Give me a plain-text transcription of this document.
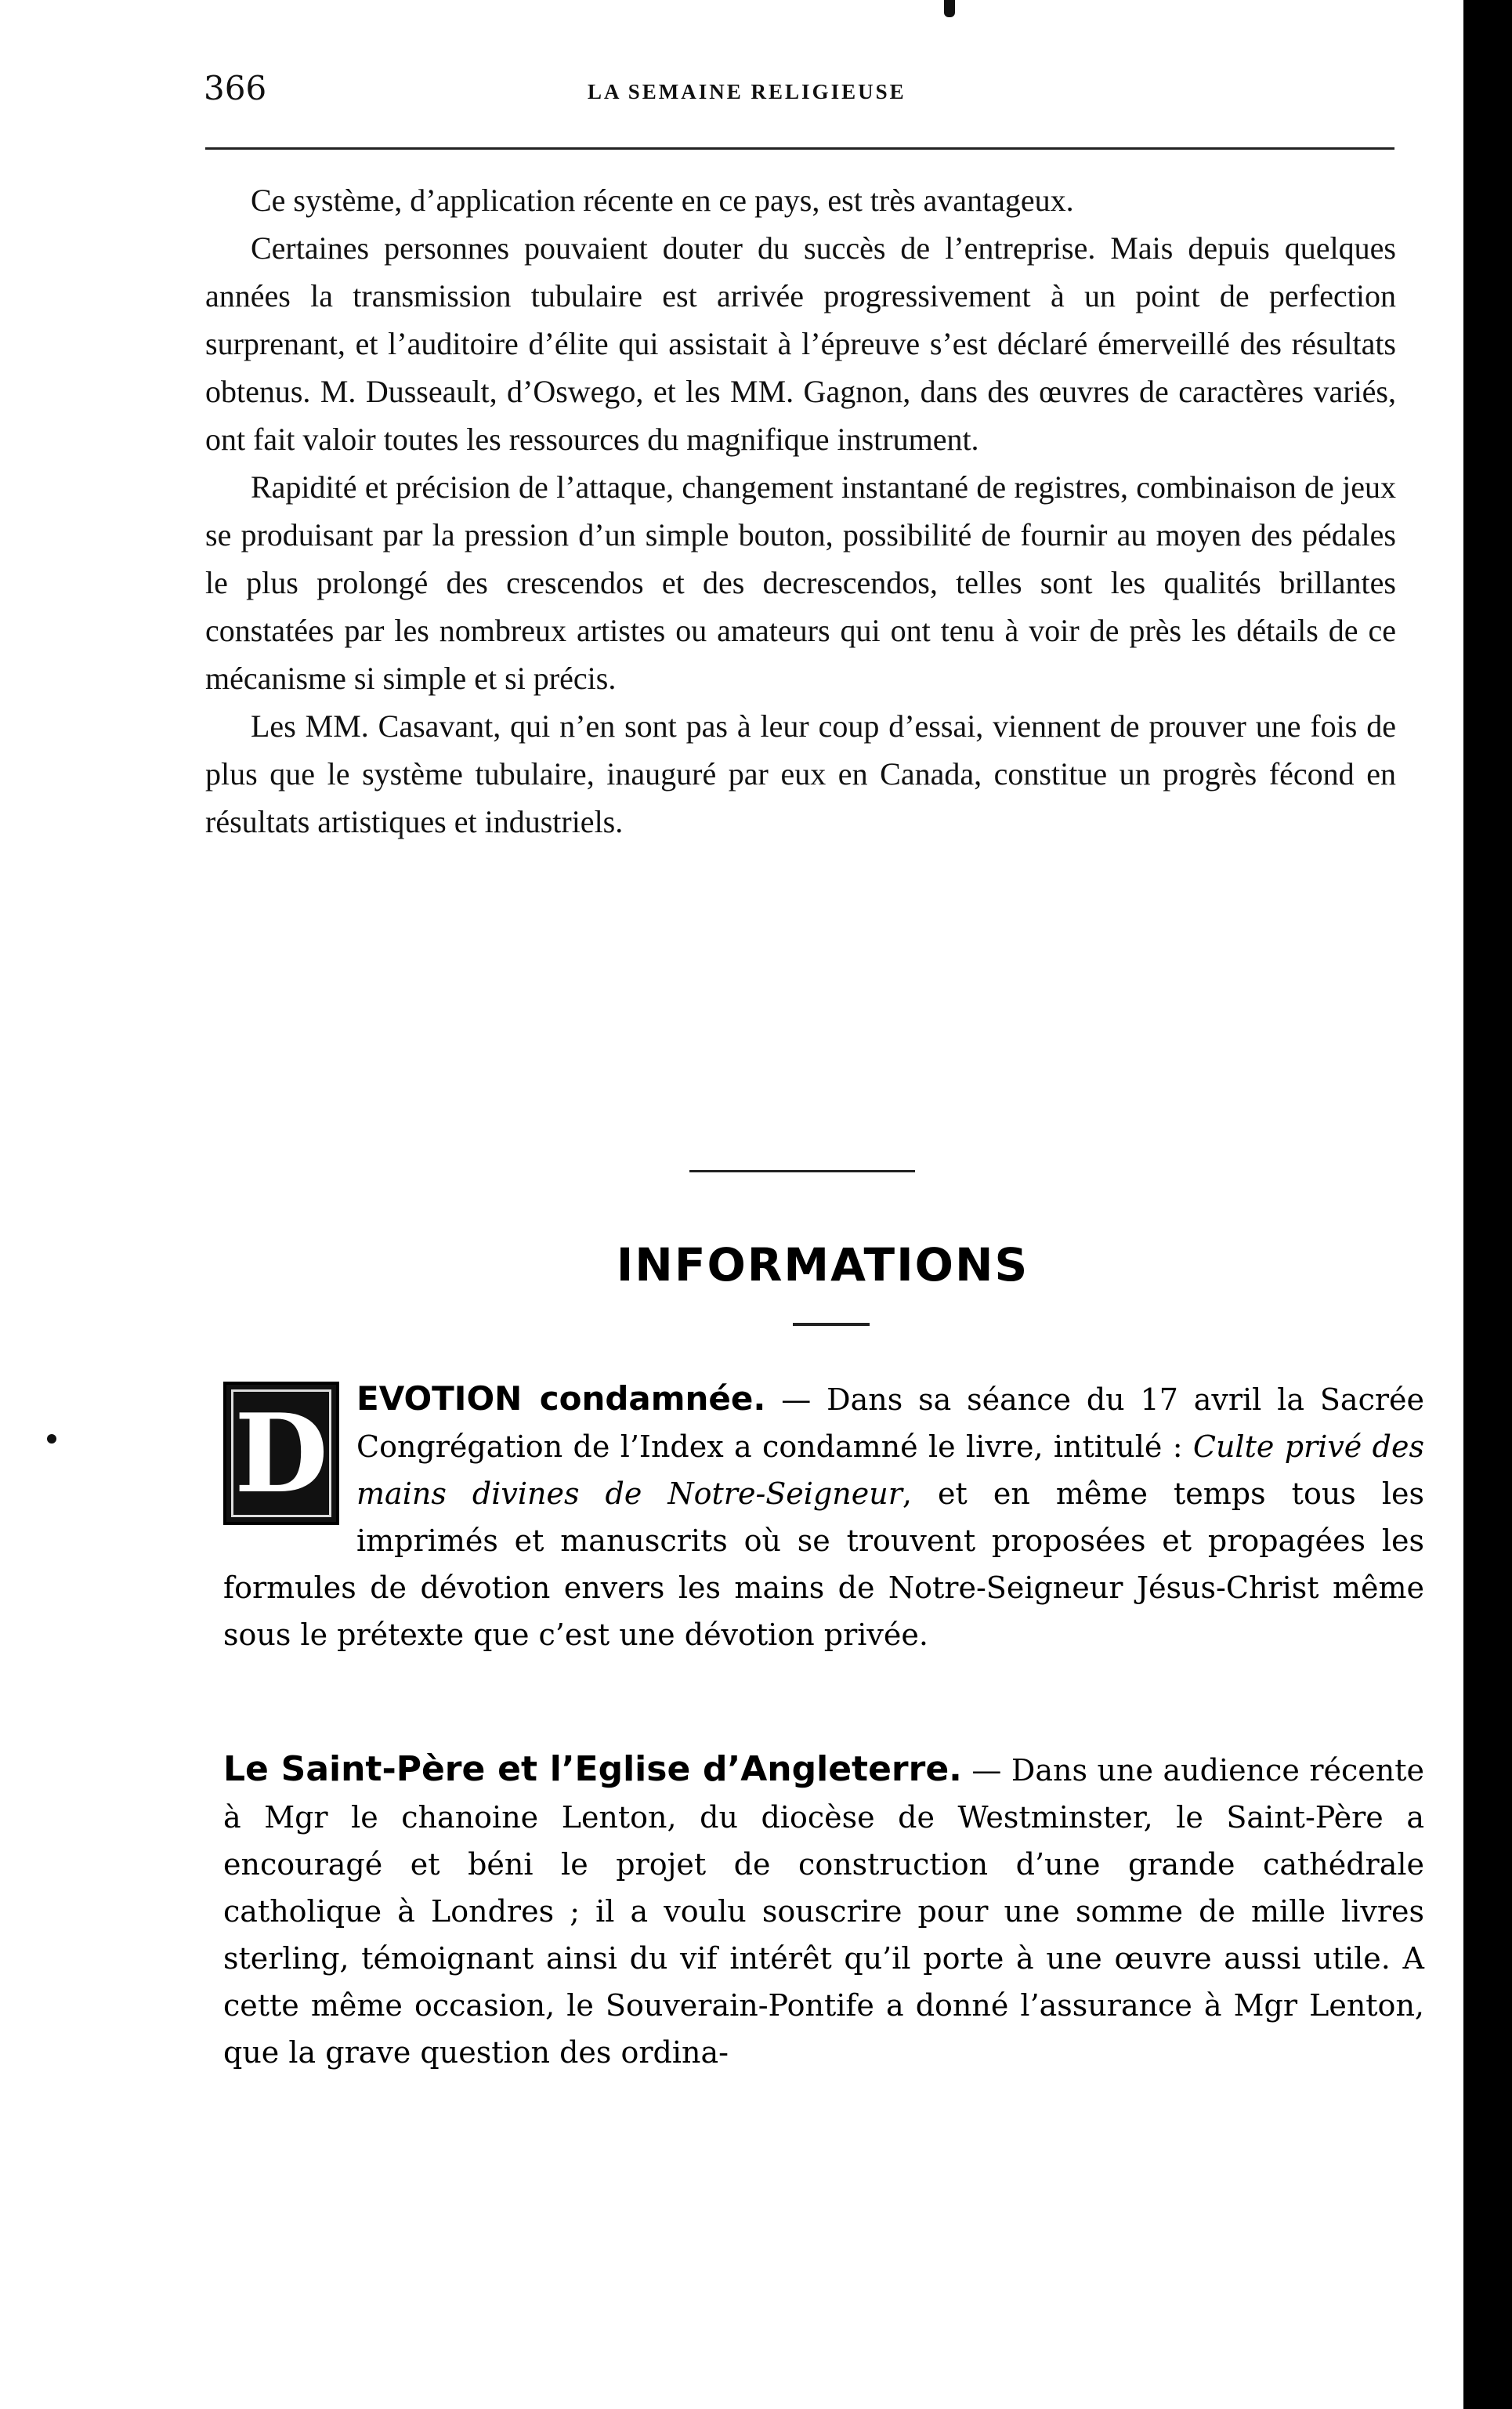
366	LA SEMAINE RELIGIEUSE

Ce système, d’application récente en ce pays, est très avantageux.

Certaines personnes pouvaient douter du succès de l’entreprise. Mais depuis quelques années la transmission tubulaire est arrivée progressivement à un point de perfection surprenant, et l’auditoire d’élite qui assistait à l’épreuve s’est déclaré émerveillé des résultats obtenus. M. Dusseault, d’Oswego, et les MM. Gagnon, dans des œuvres de caractères variés, ont fait valoir toutes les ressources du magnifique instrument.

Rapidité et précision de l’attaque, changement instantané de registres, combinaison de jeux se produisant par la pression d’un simple bouton, possibilité de fournir au moyen des pédales le plus prolongé des crescendos et des decrescendos, telles sont les qualités brillantes constatées par les nombreux artistes ou amateurs qui ont tenu à voir de près les détails de ce mécanisme si simple et si précis.

Les MM. Casavant, qui n’en sont pas à leur coup d’essai, viennent de prouver une fois de plus que le système tubulaire, inauguré par eux en Canada, constitue un progrès fécond en résultats artistiques et industriels.

INFORMATIONS
D EVOTION condamnée. — Dans sa séance du 17 avril la Sacrée Congrégation de l’Index a condamné le livre, intitulé : Culte privé des mains divines de Notre-Seigneur, et en même temps tous les imprimés et manuscrits où se trouvent proposées et propagées les formules de dévotion envers les mains de Notre-Seigneur Jésus-Christ même sous le prétexte que c’est une dévotion privée.

Le Saint-Père et l’Eglise d’Angleterre. — Dans une audience récente à Mgr le chanoine Lenton, du diocèse de Westminster, le Saint-Père a encouragé et béni le projet de construction d’une grande cathédrale catholique à Londres ; il a voulu souscrire pour une somme de mille livres sterling, témoignant ainsi du vif intérêt qu’il porte à une œuvre aussi utile. A cette même occasion, le Souverain-Pontife a donné l’assurance à Mgr Lenton, que la grave question des ordina-
